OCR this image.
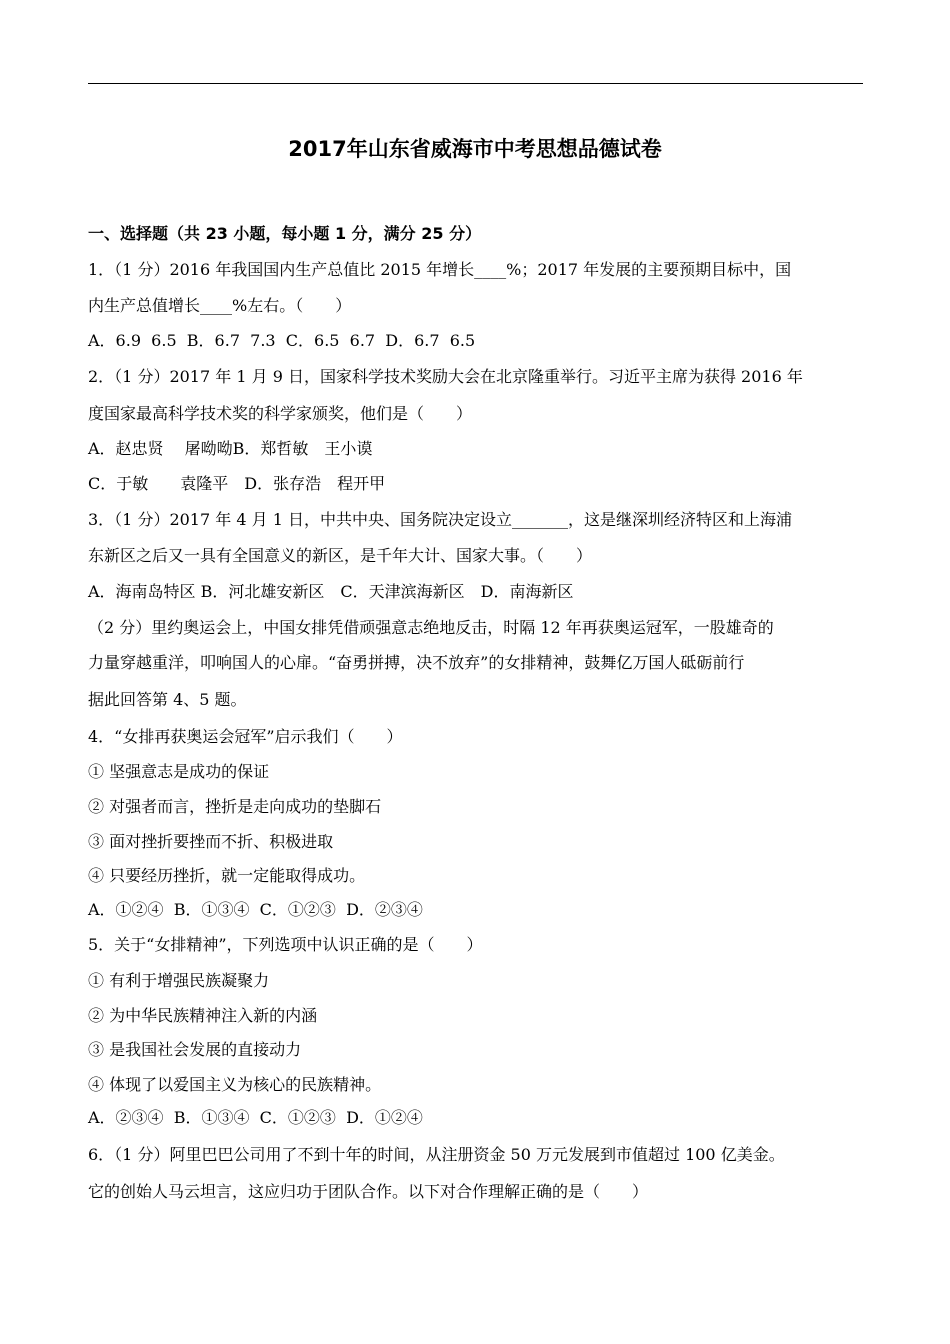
2017年山东省威海市中考思想品德试卷
一、选择题（共 23 小题，每小题 1 分，满分 25 分）
1．（1 分）2016 年我国国内生产总值比 2015 年增长____%；2017 年发展的主要预期目标中，国
内生产总值增长____%左右。（　　）
A．6.9  6.5  B．6.7  7.3  C．6.5  6.7  D．6.7  6.5
2．（1 分）2017 年 1 月 9 日，国家科学技术奖励大会在北京隆重举行。习近平主席为获得 2016 年
度国家最高科学技术奖的科学家颁奖，他们是（　　）
A．赵忠贤　 屠呦呦B．郑哲敏　王小谟
C．于敏　　袁隆平　D．张存浩　程开甲
3．（1 分）2017 年 4 月 1 日，中共中央、国务院决定设立_______，这是继深圳经济特区和上海浦
东新区之后又一具有全国意义的新区，是千年大计、国家大事。（　　）
A．海南岛特区 B．河北雄安新区　C．天津滨海新区　D．南海新区
（2 分）里约奥运会上，中国女排凭借顽强意志绝地反击，时隔 12 年再获奥运冠军，一股雄奇的
力量穿越重洋，叩响国人的心扉。“奋勇拼搏，决不放弃”的女排精神，鼓舞亿万国人砥砺前行
据此回答第 4、5 题。
4．“女排再获奥运会冠军”启示我们（　　）
① 坚强意志是成功的保证
② 对强者而言，挫折是走向成功的垫脚石
③ 面对挫折要挫而不折、积极进取
④ 只要经历挫折，就一定能取得成功。
A．①②④  B．①③④  C．①②③  D．②③④
5．关于“女排精神”，下列选项中认识正确的是（　　）
① 有利于增强民族凝聚力
② 为中华民族精神注入新的内涵
③ 是我国社会发展的直接动力
④ 体现了以爱国主义为核心的民族精神。
A．②③④  B．①③④  C．①②③  D．①②④
6．（1 分）阿里巴巴公司用了不到十年的时间，从注册资金 50 万元发展到市值超过 100 亿美金。
它的创始人马云坦言，这应归功于团队合作。以下对合作理解正确的是（　　）
